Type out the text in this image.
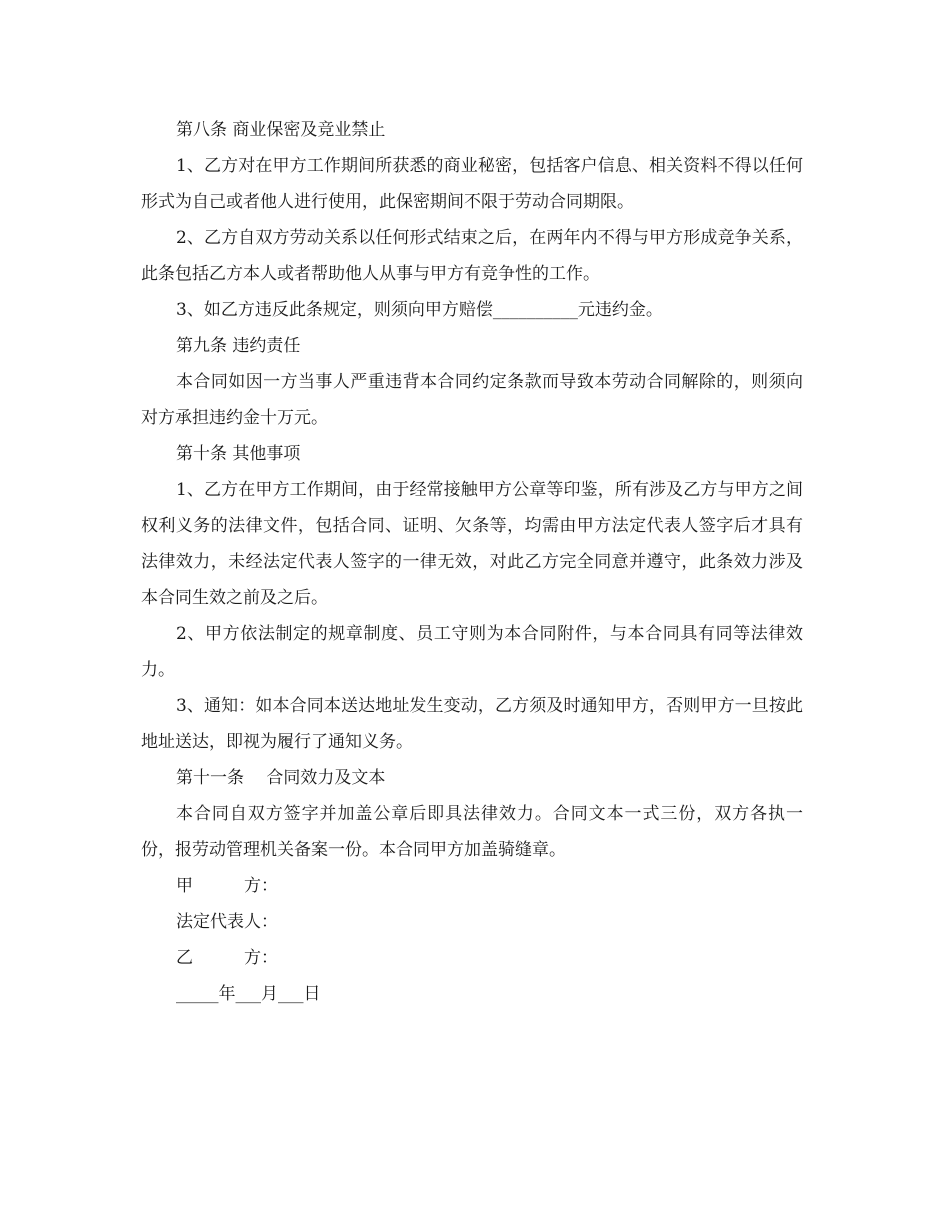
第八条 商业保密及竞业禁止

1、乙方对在甲方工作期间所获悉的商业秘密，包括客户信息、相关资料不得以任何形式为自己或者他人进行使用，此保密期间不限于劳动合同期限。

2、乙方自双方劳动关系以任何形式结束之后，在两年内不得与甲方形成竞争关系，此条包括乙方本人或者帮助他人从事与甲方有竞争性的工作。

3、如乙方违反此条规定，则须向甲方赔偿__________元违约金。

第九条 违约责任

本合同如因一方当事人严重违背本合同约定条款而导致本劳动合同解除的，则须向对方承担违约金十万元。

第十条 其他事项

1、乙方在甲方工作期间，由于经常接触甲方公章等印鉴，所有涉及乙方与甲方之间权利义务的法律文件，包括合同、证明、欠条等，均需由甲方法定代表人签字后才具有法律效力，未经法定代表人签字的一律无效，对此乙方完全同意并遵守，此条效力涉及本合同生效之前及之后。

2、甲方依法制定的规章制度、员工守则为本合同附件，与本合同具有同等法律效力。

3、通知：如本合同本送达地址发生变动，乙方须及时通知甲方，否则甲方一旦按此地址送达，即视为履行了通知义务。

第十一条　 合同效力及文本

本合同自双方签字并加盖公章后即具法律效力。合同文本一式三份，双方各执一份，报劳动管理机关备案一份。本合同甲方加盖骑缝章。

甲　　　方：

法定代表人：

乙　　　方：

_____年___月___日
